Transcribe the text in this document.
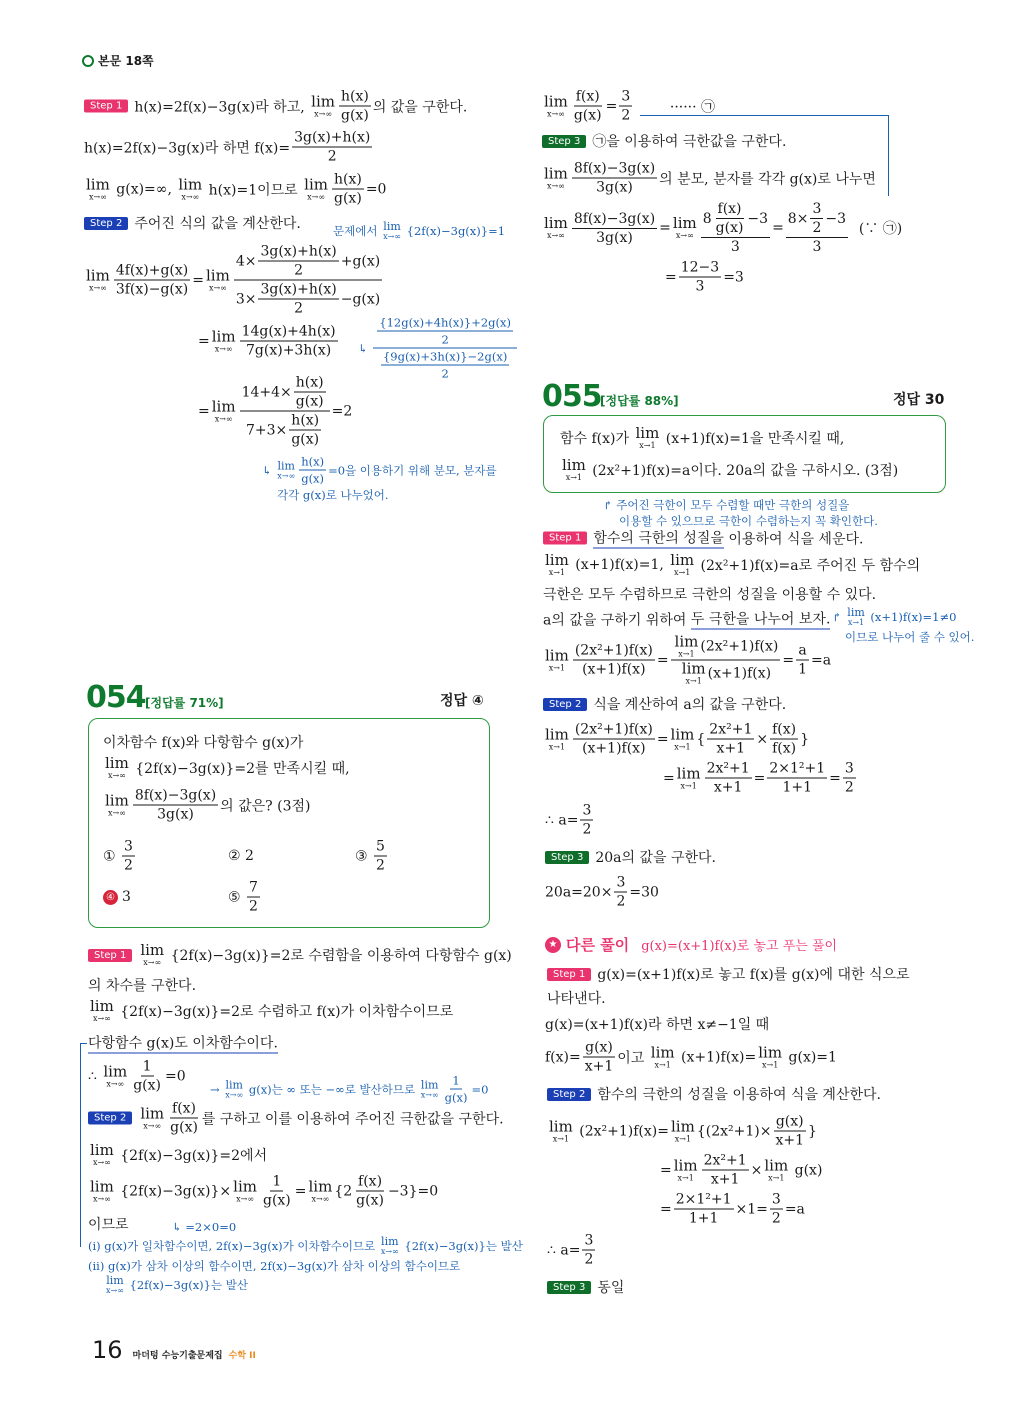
본문 18쪽
Step 1 h(x)=2f(x)−3g(x)라 하고, lim
$x\to\infty \frac{h(x)}{g(x)}$ 의 값을 구한다.
h(x)=2f(x)−3g(x)라 하면 $f(x)= \frac{3g(x)+h(x)}{2}$
lim
x→∞ g(x)=∞, lim
x→∞ h(x)=1이므로 lim
$x\to\infty \frac{h(x)}{g(x)} =0$
Step 2 주어진 식의 값을 계산한다.	문제에서 lim
x→∞ {2f(x)−3g(x)}=1
lim
$x\to\infty \frac{4f(x)+g(x)}{3f(x)-g(x)} = \lim$
$x\to\infty \frac{4\times \frac{3g(x)+h(x)}{2} +g(x)}{3\times \frac{3g(x)+h(x)}{2} -g(x)}$
= lim
$x\to\infty \frac{14g(x)+4h(x)}{7g(x)+3h(x)}$ ↳ $\frac{\frac{\{12g(x)+4h(x)\}+2g(x)}{2}}{\frac{\{9g(x)+3h(x)\}-2g(x)}{2}}$
= lim
$x\to\infty \frac{14+4\times \frac{h(x)}{g(x)}}{7+3\times \frac{h(x)}{g(x)}} =2$
↳ lim
$x\to\infty \frac{h(x)}{g(x)} =0$을 이용하기 위해 분모, 분자를
각각 g(x)로 나누었어.
054 [정답률 71%]	정답 ④
이차함수 f(x)와 다항함수 g(x)가
lim
x→∞ {2f(x)−3g(x)}=2를 만족시킬 때,
lim
$x\to\infty \frac{8f(x)-3g(x)}{3g(x)}$ 의 값은? (3점)
① $\frac{3}{2}$	② 2	③ $\frac{5}{2}$
④ 3	⑤ $\frac{7}{2}$
Step 1 lim
x→∞ {2f(x)−3g(x)}=2로 수렴함을 이용하여 다항함수 g(x)
의 차수를 구한다.
lim
x→∞ {2f(x)−3g(x)}=2로 수렴하고 f(x)가 이차함수이므로
다항함수 g(x)도 이차함수이다.
∴ lim
$x\to\infty \frac{1}{g(x)} =0$
→ lim
x→∞ g(x)는 ∞ 또는 −∞로 발산하므로 lim
$x\to\infty \frac{1}{g(x)} =0$
Step 2 lim
$x\to\infty \frac{f(x)}{g(x)}$ 를 구하고 이를 이용하여 주어진 극한값을 구한다.
lim
x→∞ {2f(x)−3g(x)}=2에서
lim
x→∞ {2f(x)−3g(x)}× lim
$x\to\infty \frac{1}{g(x)} = \lim$
x→∞ $\{2 \frac{f(x)}{g(x)} -3\}=0$
이므로	↳ =2×0=0
(i) g(x)가 일차함수이면, 2f(x)−3g(x)가 이차함수이므로 lim
x→∞ {2f(x)−3g(x)}는 발산
(ii) g(x)가 삼차 이상의 함수이면, 2f(x)−3g(x)가 삼차 이상의 함수이므로
lim
x→∞ {2f(x)−3g(x)}는 발산
lim
$x\to\infty \frac{f(x)}{g(x)} = \frac{3}{2}$ ······ ㉠
Step 3 ㉠을 이용하여 극한값을 구한다.
lim
$x\to\infty \frac{8f(x)-3g(x)}{3g(x)}$ 의 분모, 분자를 각각 g(x)로 나누면
lim
$x\to\infty \frac{8f(x)-3g(x)}{3g(x)} = \lim$
$x\to\infty \frac{8 \frac{f(x)}{g(x)} -3}{3} = \frac{8\times \frac{3}{2} -3}{3}$ (∵ ㉠)
= $\frac{12-3}{3} =3$
055
[정답률 88%]	정답 30
함수 f(x)가 lim
x→1 (x+1)f(x)=1을 만족시킬 때,
lim
x→1 (2x²+1)f(x)=a이다. 20a의 값을 구하시오. (3점)
↱ 주어진 극한이 모두 수렴할 때만 극한의 성질을
이용할 수 있으므로 극한이 수렴하는지 꼭 확인한다.
Step 1 함수의 극한의 성질을 이용하여 식을 세운다.
lim
x→1 (x+1)f(x)=1, lim
x→1 (2x²+1)f(x)=a로 주어진 두 함수의
극한은 모두 수렴하므로 극한의 성질을 이용할 수 있다.
a의 값을 구하기 위하여 두 극한을 나누어 보자. ↱ lim
x→1 (x+1)f(x)=1≠0
이므로 나누어 줄 수 있어.
lim
$x\to 1 \frac{\text{(2x²+1)f(x)}}{(x+1)f(x)} = \lim$
x→1 (2x²+1)f(x)
lim
x→1 $(x+1)f(x) = \frac{a}{1} =a$
Step 2 식을 계산하여 a의 값을 구한다.
lim
$x\to 1 \frac{\text{(2x²+1)f(x)}}{(x+1)f(x)} = \lim$
x→1 { $\frac{\text{2x²+1}}{x+1} \times \frac{f(x)}{f(x)}$ }
= lim
$x\to 1 \frac{\text{2x²+1}}{x+1} = \frac{\text{2×1²+1}}{1+1} = \frac{3}{2}$
∴ $a= \frac{3}{2}$
Step 3 20a의 값을 구한다.
$20a=20\times \frac{3}{2} =30$
★ 다른 풀이 g(x)=(x+1)f(x)로 놓고 푸는 풀이
Step 1 g(x)=(x+1)f(x)로 놓고 f(x)를 g(x)에 대한 식으로
나타낸다.
g(x)=(x+1)f(x)라 하면 x≠−1일 때
$f(x)= \frac{g(x)}{x+1}$ 이고 lim
x→1 (x+1)f(x)= lim
x→1 g(x)=1
Step 2 함수의 극한의 성질을 이용하여 식을 계산한다.
lim
x→1 (2x²+1)f(x)= lim
x→1 {$(2x^2+1)\times \frac{g(x)}{x+1}$ }
= lim
$x\to 1 \frac{\text{2x²+1}}{x+1} \times \lim$
x→1 g(x)
= $\frac{\text{2×1²+1}}{1+1} \times 1= \frac{3}{2} =a$
∴ $a= \frac{3}{2}$
Step 3 동일
16 마더텅 수능기출문제집 수학 II
